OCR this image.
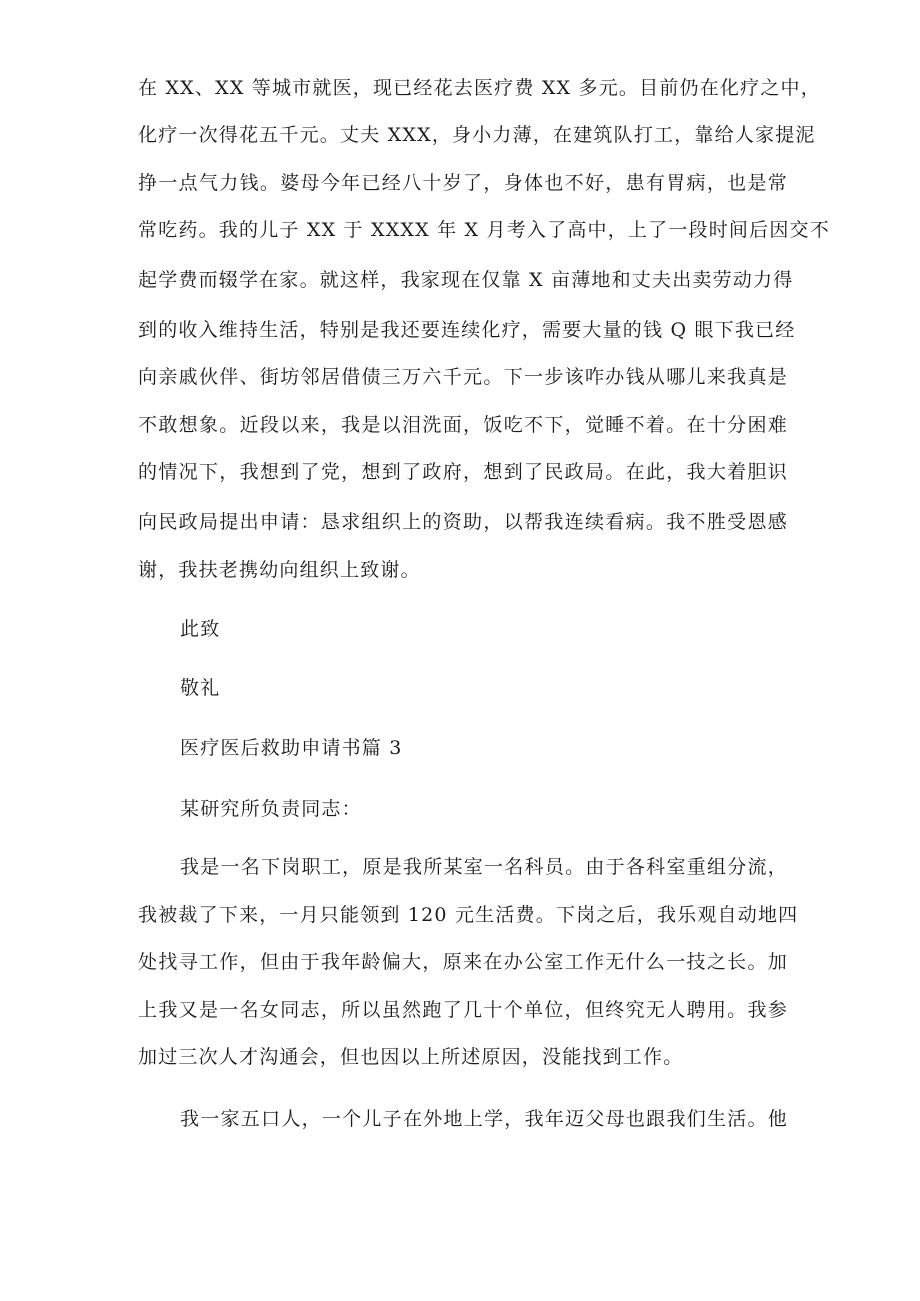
在 XX、XX 等城市就医，现已经花去医疗费 XX 多元。目前仍在化疗之中，
化疗一次得花五千元。丈夫 XXX，身小力薄，在建筑队打工，靠给人家提泥
挣一点气力钱。婆母今年已经八十岁了，身体也不好，患有胃病，也是常
常吃药。我的儿子 XX 于 XXXX 年 X 月考入了高中，上了一段时间后因交不
起学费而辍学在家。就这样，我家现在仅靠 X 亩薄地和丈夫出卖劳动力得
到的收入维持生活，特别是我还要连续化疗，需要大量的钱 Q 眼下我已经
向亲戚伙伴、街坊邻居借债三万六千元。下一步该咋办钱从哪儿来我真是
不敢想象。近段以来，我是以泪洗面，饭吃不下，觉睡不着。在十分困难
的情况下，我想到了党，想到了政府，想到了民政局。在此，我大着胆识
向民政局提出申请：恳求组织上的资助，以帮我连续看病。我不胜受恩感
谢，我扶老携幼向组织上致谢。
此致
敬礼
医疗医后救助申请书篇 3
某研究所负责同志：
我是一名下岗职工，原是我所某室一名科员。由于各科室重组分流，
我被裁了下来，一月只能领到 120 元生活费。下岗之后，我乐观自动地四
处找寻工作，但由于我年龄偏大，原来在办公室工作无什么一技之长。加
上我又是一名女同志，所以虽然跑了几十个单位，但终究无人聘用。我参
加过三次人才沟通会，但也因以上所述原因，没能找到工作。
我一家五口人，一个儿子在外地上学，我年迈父母也跟我们生活。他
